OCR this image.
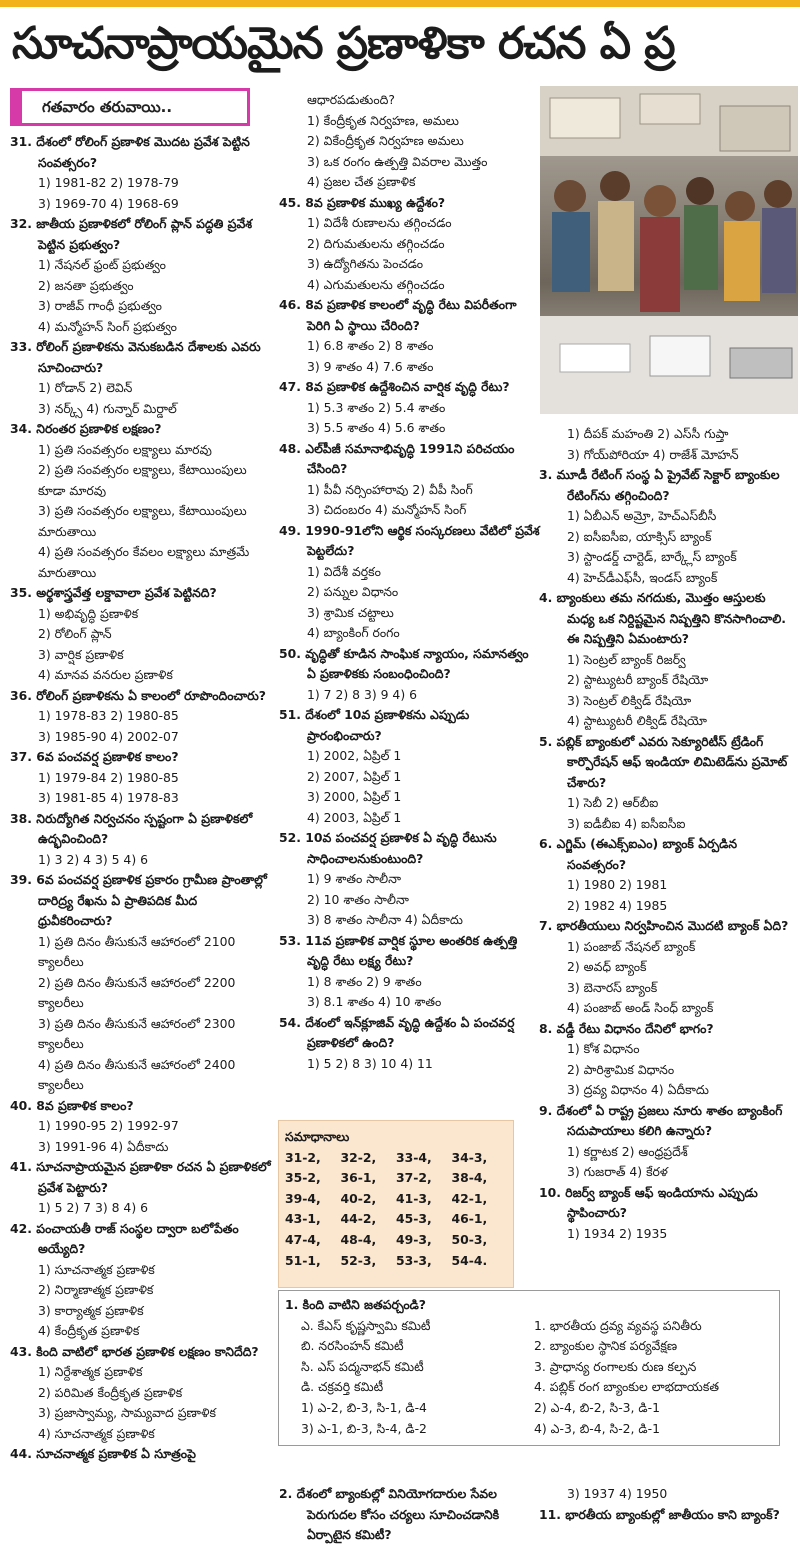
సూచనాప్రాయమైన ప్రణాళికా రచన ఏ ప్ర
గతవారం తరువాయి..
31. దేశంలో రోలింగ్ ప్రణాళిక మొదట ప్రవేశ పెట్టిన సంవత్సరం?
1) 1981-82 2) 1978-79
3) 1969-70 4) 1968-69
32. జాతీయ ప్రణాళికలో రోలింగ్ ప్లాన్ పద్ధతి ప్రవేశ పెట్టిన ప్రభుత్వం?
1) నేషనల్ ఫ్రంట్ ప్రభుత్వం
2) జనతా ప్రభుత్వం
3) రాజీవ్ గాంధీ ప్రభుత్వం
4) మన్మోహన్ సింగ్ ప్రభుత్వం
33. రోలింగ్ ప్రణాళికను వెనుకబడిన దేశాలకు ఎవరు సూచించారు?
1) రోడాన్ 2) లెవిన్
3) నర్క్స్ 4) గున్నార్ మిర్డాల్
34. నిరంతర ప్రణాళిక లక్షణం?
1) ప్రతి సంవత్సరం లక్ష్యాలు మారవు
2) ప్రతి సంవత్సరం లక్ష్యాలు, కేటాయింపులు కూడా మారవు
3) ప్రతి సంవత్సరం లక్ష్యాలు, కేటాయింపులు మారుతాయి
4) ప్రతి సంవత్సరం కేవలం లక్ష్యాలు మాత్రమే మారుతాయి
35. అర్థశాస్త్రవేత్త లక్డావాలా ప్రవేశ పెట్టినది?
1) అభివృద్ధి ప్రణాళిక
2) రోలింగ్ ప్లాన్
3) వార్షిక ప్రణాళిక
4) మానవ వనరుల ప్రణాళిక
36. రోలింగ్ ప్రణాళికను ఏ కాలంలో రూపొందించారు?
1) 1978-83 2) 1980-85
3) 1985-90 4) 2002-07
37. 6వ పంచవర్ష ప్రణాళిక కాలం?
1) 1979-84 2) 1980-85
3) 1981-85 4) 1978-83
38. నిరుద్యోగిత నిర్వచనం స్పష్టంగా ఏ ప్రణాళికలో ఉద్భవించింది?
1) 3 2) 4 3) 5 4) 6
39. 6వ పంచవర్ష ప్రణాళిక ప్రకారం గ్రామీణ ప్రాంతాల్లో దారిద్ర్య రేఖను ఏ ప్రాతిపదిక మీద ధ్రువీకరించారు?
1) ప్రతి దినం తీసుకునే ఆహారంలో 2100 క్యాలరీలు
2) ప్రతి దినం తీసుకునే ఆహారంలో 2200 క్యాలరీలు
3) ప్రతి దినం తీసుకునే ఆహారంలో 2300 క్యాలరీలు
4) ప్రతి దినం తీసుకునే ఆహారంలో 2400 క్యాలరీలు
40. 8వ ప్రణాళిక కాలం?
1) 1990-95 2) 1992-97
3) 1991-96 4) ఏదీకాదు
41. సూచనాప్రాయమైన ప్రణాళికా రచన ఏ ప్రణాళికలో ప్రవేశ పెట్టారు?
1) 5 2) 7 3) 8 4) 6
42. పంచాయతీ రాజ్ సంస్థల ద్వారా బలోపేతం అయ్యేది?
1) సూచనాత్మక ప్రణాళిక
2) నిర్మాణాత్మక ప్రణాళిక
3) కార్యాత్మక ప్రణాళిక
4) కేంద్రీకృత ప్రణాళిక
43. కింది వాటిలో భారత ప్రణాళిక లక్షణం కానిదేది?
1) నిర్దేశాత్మక ప్రణాళిక
2) పరిమిత కేంద్రీకృత ప్రణాళిక
3) ప్రజాస్వామ్య, సామ్యవాద ప్రణాళిక
4) సూచనాత్మక ప్రణాళిక
44. సూచనాత్మక ప్రణాళిక ఏ సూత్రంపై
ఆధారపడుతుంది?
1) కేంద్రీకృత నిర్వహణ, అమలు
2) వికేంద్రీకృత నిర్వహణ అమలు
3) ఒక రంగం ఉత్పత్తి వివరాల మొత్తం
4) ప్రజల చేత ప్రణాళిక
45. 8వ ప్రణాళిక ముఖ్య ఉద్దేశం?
1) విదేశీ రుణాలను తగ్గించడం
2) దిగుమతులను తగ్గించడం
3) ఉద్యోగితను పెంచడం
4) ఎగుమతులను తగ్గించడం
46. 8వ ప్రణాళిక కాలంలో వృద్ధి రేటు విపరీతంగా పెరిగి ఏ స్థాయి చేరింది?
1) 6.8 శాతం 2) 8 శాతం
3) 9 శాతం 4) 7.6 శాతం
47. 8వ ప్రణాళిక ఉద్దేశించిన వార్షిక వృద్ధి రేటు?
1) 5.3 శాతం 2) 5.4 శాతం
3) 5.5 శాతం 4) 5.6 శాతం
48. ఎల్‌పీజీ సమానాభివృద్ధి 1991ని పరిచయం చేసింది?
1) పీవీ నర్సింహారావు 2) వీపీ సింగ్
3) చిదంబరం 4) మన్మోహన్ సింగ్
49. 1990-91లోని ఆర్థిక సంస్కరణలు వేటిలో ప్రవేశ పెట్టలేదు?
1) విదేశీ వర్తకం
2) పన్నుల విధానం
3) శ్రామిక చట్టాలు
4) బ్యాంకింగ్ రంగం
50. వృద్ధితో కూడిన సాంఘిక న్యాయం, సమానత్వం ఏ ప్రణాళికకు సంబంధించింది?
1) 7 2) 8 3) 9 4) 6
51. దేశంలో 10వ ప్రణాళికను ఎప్పుడు ప్రారంభించారు?
1) 2002, ఏప్రిల్ 1
2) 2007, ఏప్రిల్ 1
3) 2000, ఏప్రిల్ 1
4) 2003, ఏప్రిల్ 1
52. 10వ పంచవర్ష ప్రణాళిక ఏ వృద్ధి రేటును సాధించాలనుకుంటుంది?
1) 9 శాతం సాలీనా
2) 10 శాతం సాలీనా
3) 8 శాతం సాలీనా 4) ఏదీకాదు
53. 11వ ప్రణాళిక వార్షిక స్థూల అంతరిక ఉత్పత్తి వృద్ధి రేటు లక్ష్య రేటు?
1) 8 శాతం 2) 9 శాతం
3) 8.1 శాతం 4) 10 శాతం
54. దేశంలో ఇన్‌క్లూజివ్ వృద్ధి ఉద్దేశం ఏ పంచవర్ష ప్రణాళికలో ఉంది?
1) 5 2) 8 3) 10 4) 11
సమాధానాలు
31-2,	32-2,	33-4,	34-3,
35-2,	36-1,	37-2,	38-4,
39-4,	40-2,	41-3,	42-1,
43-1,	44-2,	45-3,	46-1,
47-4,	48-4,	49-3,	50-3,
51-1,	52-3,	53-3,	54-4.
1) దీపక్ మహంతి 2) ఎస్‌సీ గుప్తా
3) గోయ్‌పోరియా 4) రాజేశ్ మోహన్
3. మూడీ రేటింగ్ సంస్థ ఏ ప్రైవేట్ సెక్టార్ బ్యాంకుల రేటింగ్‌ను తగ్గించింది?
1) ఏబీఎన్ అమ్రో, హెచ్‌ఎస్‌బీసీ
2) ఐసీఐసీఐ, యాక్సిస్ బ్యాంక్
3) స్టాండర్డ్ చార్టెడ్, బార్క్లేస్ బ్యాంక్
4) హెచ్‌డీఎఫ్‌సీ, ఇండస్ బ్యాంక్
4. బ్యాంకులు తమ నగదుకు, మొత్తం ఆస్తులకు మధ్య ఒక నిర్దిష్టమైన నిష్పత్తిని కొనసాగించాలి. ఈ నిష్పత్తిని ఏమంటారు?
1) సెంట్రల్ బ్యాంక్ రిజర్వ్
2) స్టాట్యుటరీ బ్యాంక్ రేషియో
3) సెంట్రల్ లిక్విడ్ రేషియో
4) స్టాట్యుటరీ లిక్విడ్ రేషియో
5. పబ్లిక్ బ్యాంకులో ఎవరు సెక్యూరిటీస్ ట్రేడింగ్ కార్పొరేషన్ ఆఫ్ ఇండియా లిమిటెడ్‌ను ప్రమోట్ చేశారు?
1) సెబీ 2) ఆర్‌బీఐ
3) ఐడీబీఐ 4) ఐసీఐసీఐ
6. ఎగ్జిమ్ (ఈఎక్స్‌ఐఎం) బ్యాంక్ ఏర్పడిన సంవత్సరం?
1) 1980 2) 1981
2) 1982 4) 1985
7. భారతీయులు నిర్వహించిన మొదటి బ్యాంక్ ఏది?
1) పంజాబ్ నేషనల్ బ్యాంక్
2) అవధ్ బ్యాంక్
3) బెనారస్ బ్యాంక్
4) పంజాబ్ అండ్ సింధ్ బ్యాంక్
8. వడ్డీ రేటు విధానం దేనిలో భాగం?
1) కోశ విధానం
2) పారిశ్రామిక విధానం
3) ద్రవ్య విధానం 4) ఏదీకాదు
9. దేశంలో ఏ రాష్ట్ర ప్రజలు నూరు శాతం బ్యాంకింగ్ సదుపాయాలు కలిగి ఉన్నారు?
1) కర్ణాటక 2) ఆంధ్రప్రదేశ్
3) గుజరాత్ 4) కేరళ
10. రిజర్వ్ బ్యాంక్ ఆఫ్ ఇండియాను ఎప్పుడు స్థాపించారు?
1) 1934 2) 1935
1. కింది వాటిని జతపర్చండి?
ఎ. కేఎస్ కృష్ణస్వామి కమిటీ
బి. నరసింహన్ కమిటీ
సి. ఎస్ పద్మనాభన్ కమిటీ
డి. చక్రవర్తి కమిటీ
1) ఎ-2, బి-3, సి-1, డి-4
3) ఎ-1, బి-3, సి-4, డి-2
1. భారతీయ ద్రవ్య వ్యవస్థ పనితీరు
2. బ్యాంకుల స్థానిక పర్యవేక్షణ
3. ప్రాధాన్య రంగాలకు రుణ కల్పన
4. పబ్లిక్ రంగ బ్యాంకుల లాభదాయకత
2) ఎ-4, బి-2, సి-3, డి-1
4) ఎ-3, బి-4, సి-2, డి-1
2. దేశంలో బ్యాంకుల్లో వినియోగదారుల సేవల పెరుగుదల కోసం చర్యలు సూచించడానికి ఏర్పాటైన కమిటీ?
3) 1937 4) 1950
11. భారతీయ బ్యాంకుల్లో జాతీయం కాని బ్యాంక్?
